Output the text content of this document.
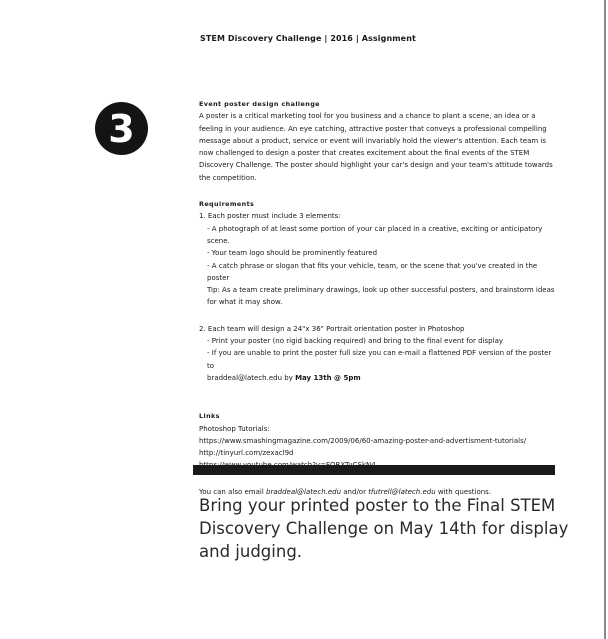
STEM Discovery Challenge | 2016 | Assignment
3

Event poster design challenge

A poster is a critical marketing tool for you business and a chance to plant a scene, an idea or a feeling in your audience. An eye catching, attractive poster that conveys a professional compelling message about a product, service or event will invariably hold the viewer's attention. Each team is now challenged to design a poster that creates excitement about the final events of the STEM Discovery Challenge. The poster should highlight your car's design and your team's attitude towards the competition.

Requirements

1. Each poster must include 3 elements:

- A photograph of at least some portion of your car placed in a creative, exciting or anticipatory scene.

- Your team logo should be prominently featured

- A catch phrase or slogan that fits your vehicle, team, or the scene that you've created in the poster

Tip: As a team create preliminary drawings, look up other successful posters, and brainstorm ideas for what it may show.

2. Each team will design a 24"x 36" Portrait orientation poster in Photoshop

- Print your poster (no rigid backing required) and bring to the final event for display

- If you are unable to print the poster full size you can e-mail a flattened PDF version of the poster to

braddeal@latech.edu by May 13th @ 5pm

Links

Photoshop Tutorials:

https://www.smashingmagazine.com/2009/06/60-amazing-poster-and-advertisment-tutorials/

http://tinyurl.com/zexacl9d

You can also email braddeal@latech.edu and/or tfutrell@latech.edu with questions.

Bring your printed poster to the Final STEM Discovery Challenge on May 14th for display and judging.
